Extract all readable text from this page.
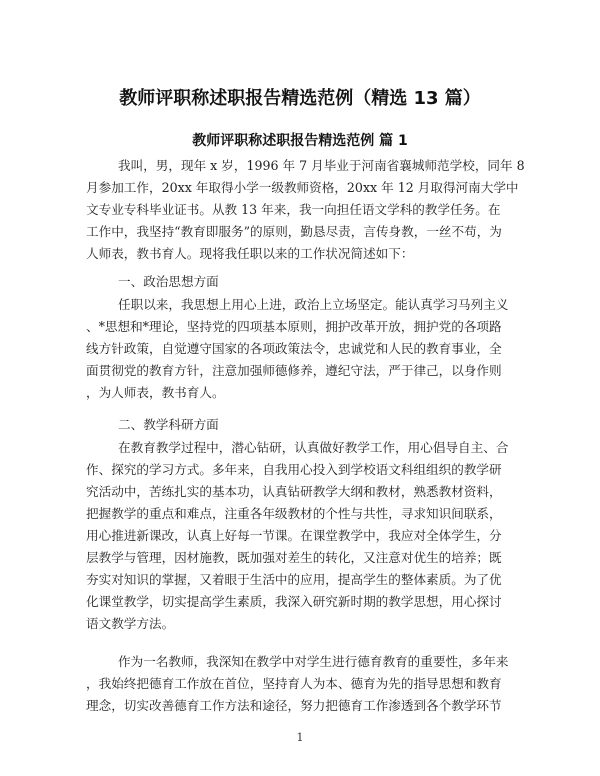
教师评职称述职报告精选范例（精选 13 篇）
教师评职称述职报告精选范例 篇 1
我叫，男，现年 x 岁，1996 年 7 月毕业于河南省襄城师范学校，同年 8
月参加工作，20xx 年取得小学一级教师资格，20xx 年 12 月取得河南大学中
文专业专科毕业证书。从教 13 年来，我一向担任语文学科的教学任务。在
工作中，我坚持“教育即服务”的原则，勤恳尽责，言传身教，一丝不苟，为
人师表，教书育人。现将我任职以来的工作状况简述如下：
一、政治思想方面
任职以来，我思想上用心上进，政治上立场坚定。能认真学习马列主义
、*思想和*理论，坚持党的四项基本原则，拥护改革开放，拥护党的各项路
线方针政策，自觉遵守国家的各项政策法令，忠诚党和人民的教育事业，全
面贯彻党的教育方针，注意加强师德修养，遵纪守法，严于律己，以身作则
，为人师表，教书育人。
二、教学科研方面
在教育教学过程中，潜心钻研，认真做好教学工作，用心倡导自主、合
作、探究的学习方式。多年来，自我用心投入到学校语文科组组织的教学研
究活动中，苦练扎实的基本功，认真钻研教学大纲和教材，熟悉教材资料，
把握教学的重点和难点，注重各年级教材的个性与共性，寻求知识间联系，
用心推进新课改，认真上好每一节课。在课堂教学中，我应对全体学生，分
层教学与管理，因材施教，既加强对差生的转化，又注意对优生的培养；既
夯实对知识的掌握，又着眼于生活中的应用，提高学生的整体素质。为了优
化课堂教学，切实提高学生素质，我深入研究新时期的教学思想，用心探讨
语文教学方法。
作为一名教师，我深知在教学中对学生进行德育教育的重要性，多年来
，我始终把德育工作放在首位，坚持育人为本、德育为先的指导思想和教育
理念，切实改善德育工作方法和途径，努力把德育工作渗透到各个教学环节
1
